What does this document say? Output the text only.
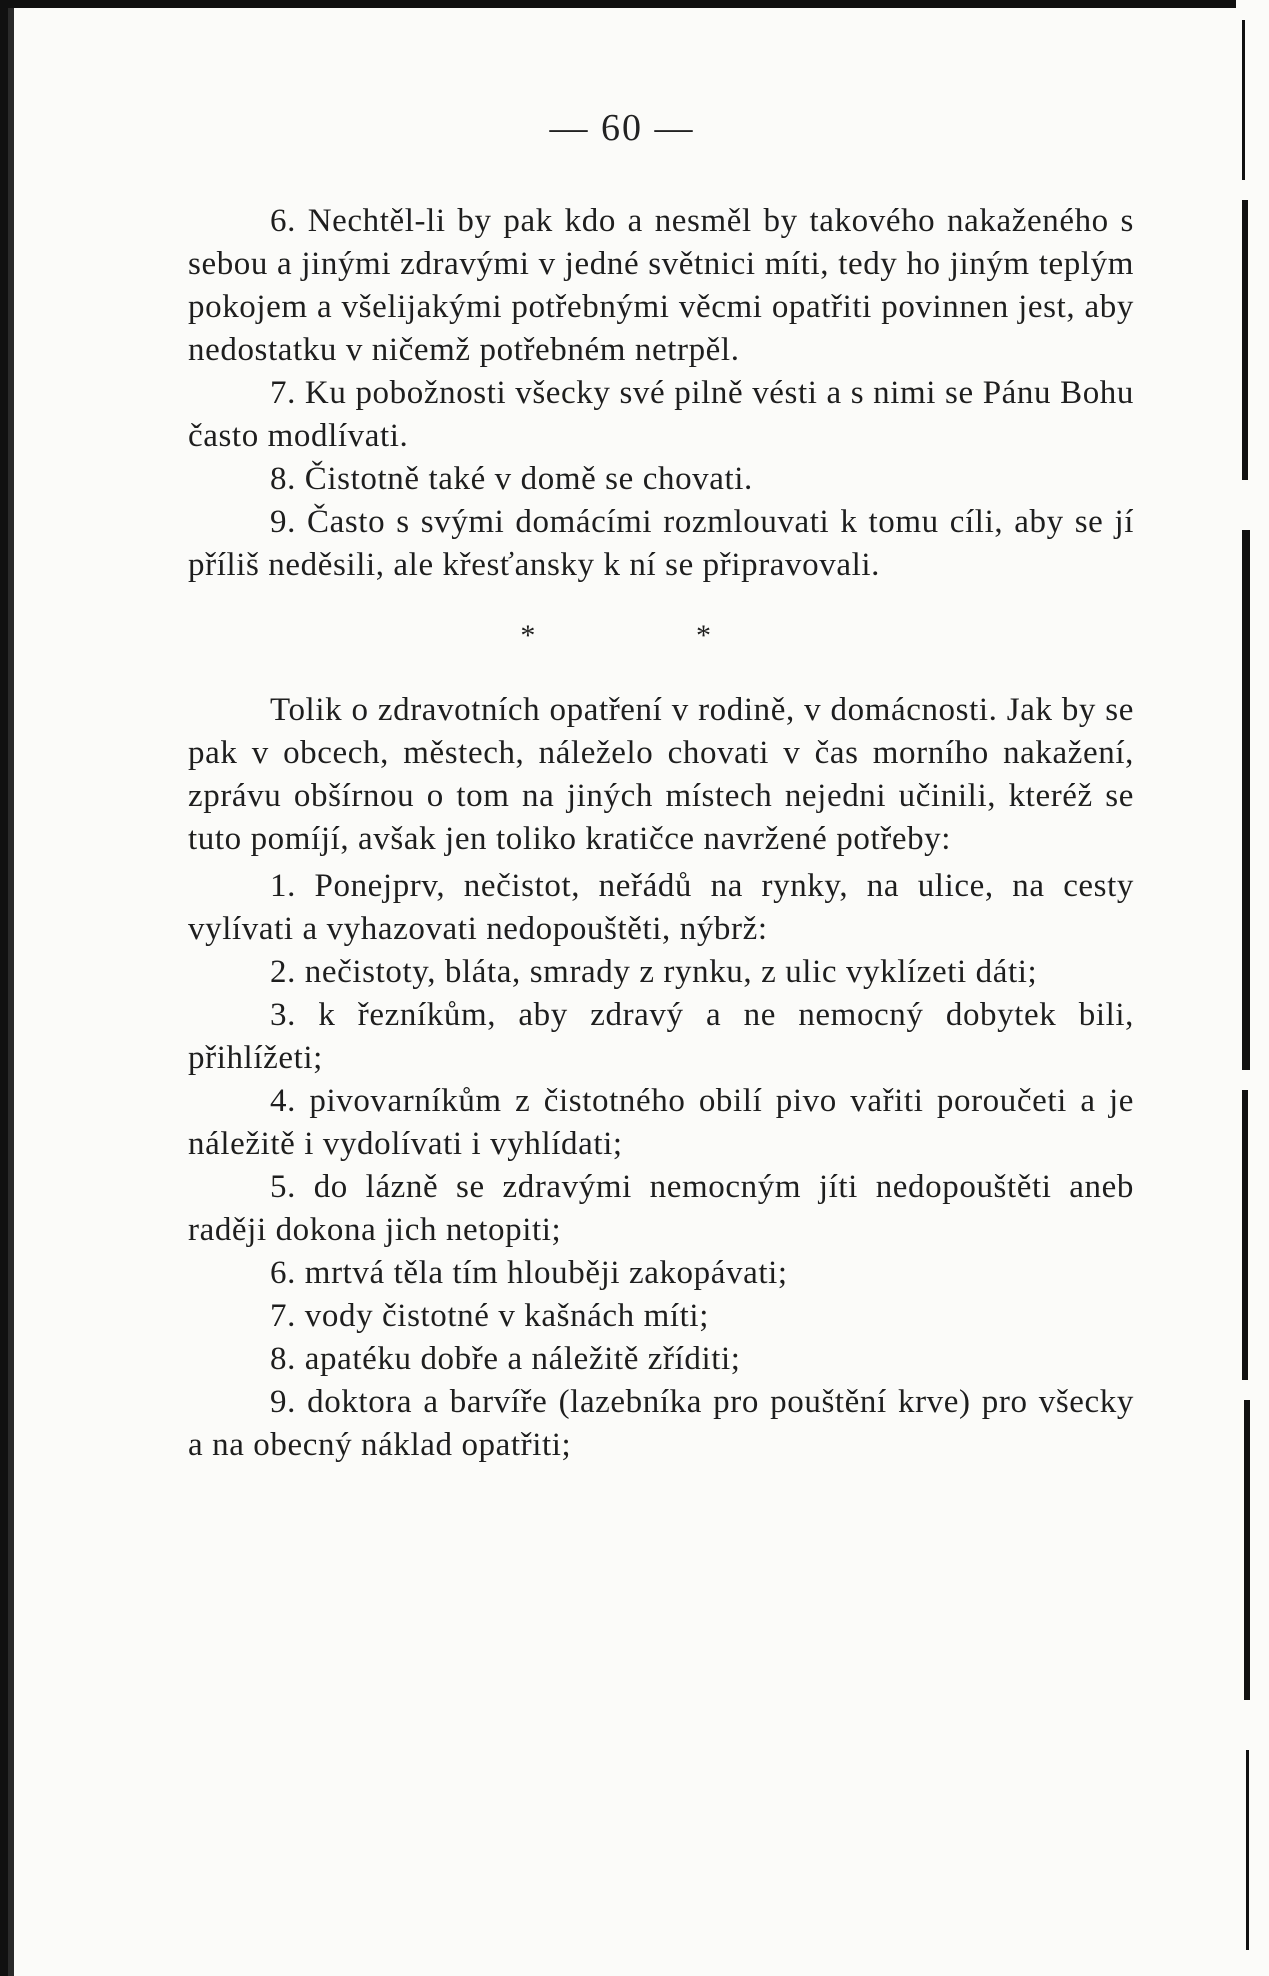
— 60 —

6. Nechtěl-li by pak kdo a nesměl by takového nakaženého s sebou a jinými zdravými v jedné světnici míti, tedy ho jiným teplým pokojem a všelijakými potřebnými věcmi opatřiti povinnen jest, aby nedostatku v ničemž potřebném netrpěl.

7. Ku pobožnosti všecky své pilně vésti a s nimi se Pánu Bohu často modlívati.

8. Čistotně také v domě se chovati.

9. Často s svými domácími rozmlouvati k tomu cíli, aby se jí příliš neděsili, ale křesťansky k ní se připravovali.

*	*

Tolik o zdravotních opatření v rodině, v domácnosti. Jak by se pak v obcech, městech, náleželo chovati v čas morního nakažení, zprávu obšírnou o tom na jiných místech nejedni učinili, kteréž se tuto pomíjí, avšak jen toliko kratičce navržené potřeby:

1. Ponejprv, nečistot, neřádů na rynky, na ulice, na cesty vylívati a vyhazovati nedopouštěti, nýbrž:
2. nečistoty, bláta, smrady z rynku, z ulic vyklízeti dáti;
3. k řezníkům, aby zdravý a ne nemocný dobytek bili, přihlížeti;
4. pivovarníkům z čistotného obilí pivo vařiti poroučeti a je náležitě i vydolívati i vyhlídati;
5. do lázně se zdravými nemocným jíti nedopouštěti aneb raději dokona jich netopiti;
6. mrtvá těla tím hlouběji zakopávati;
7. vody čistotné v kašnách míti;
8. apatéku dobře a náležitě zříditi;
9. doktora a barvíře (lazebníka pro pouštění krve) pro všecky a na obecný náklad opatřiti;
